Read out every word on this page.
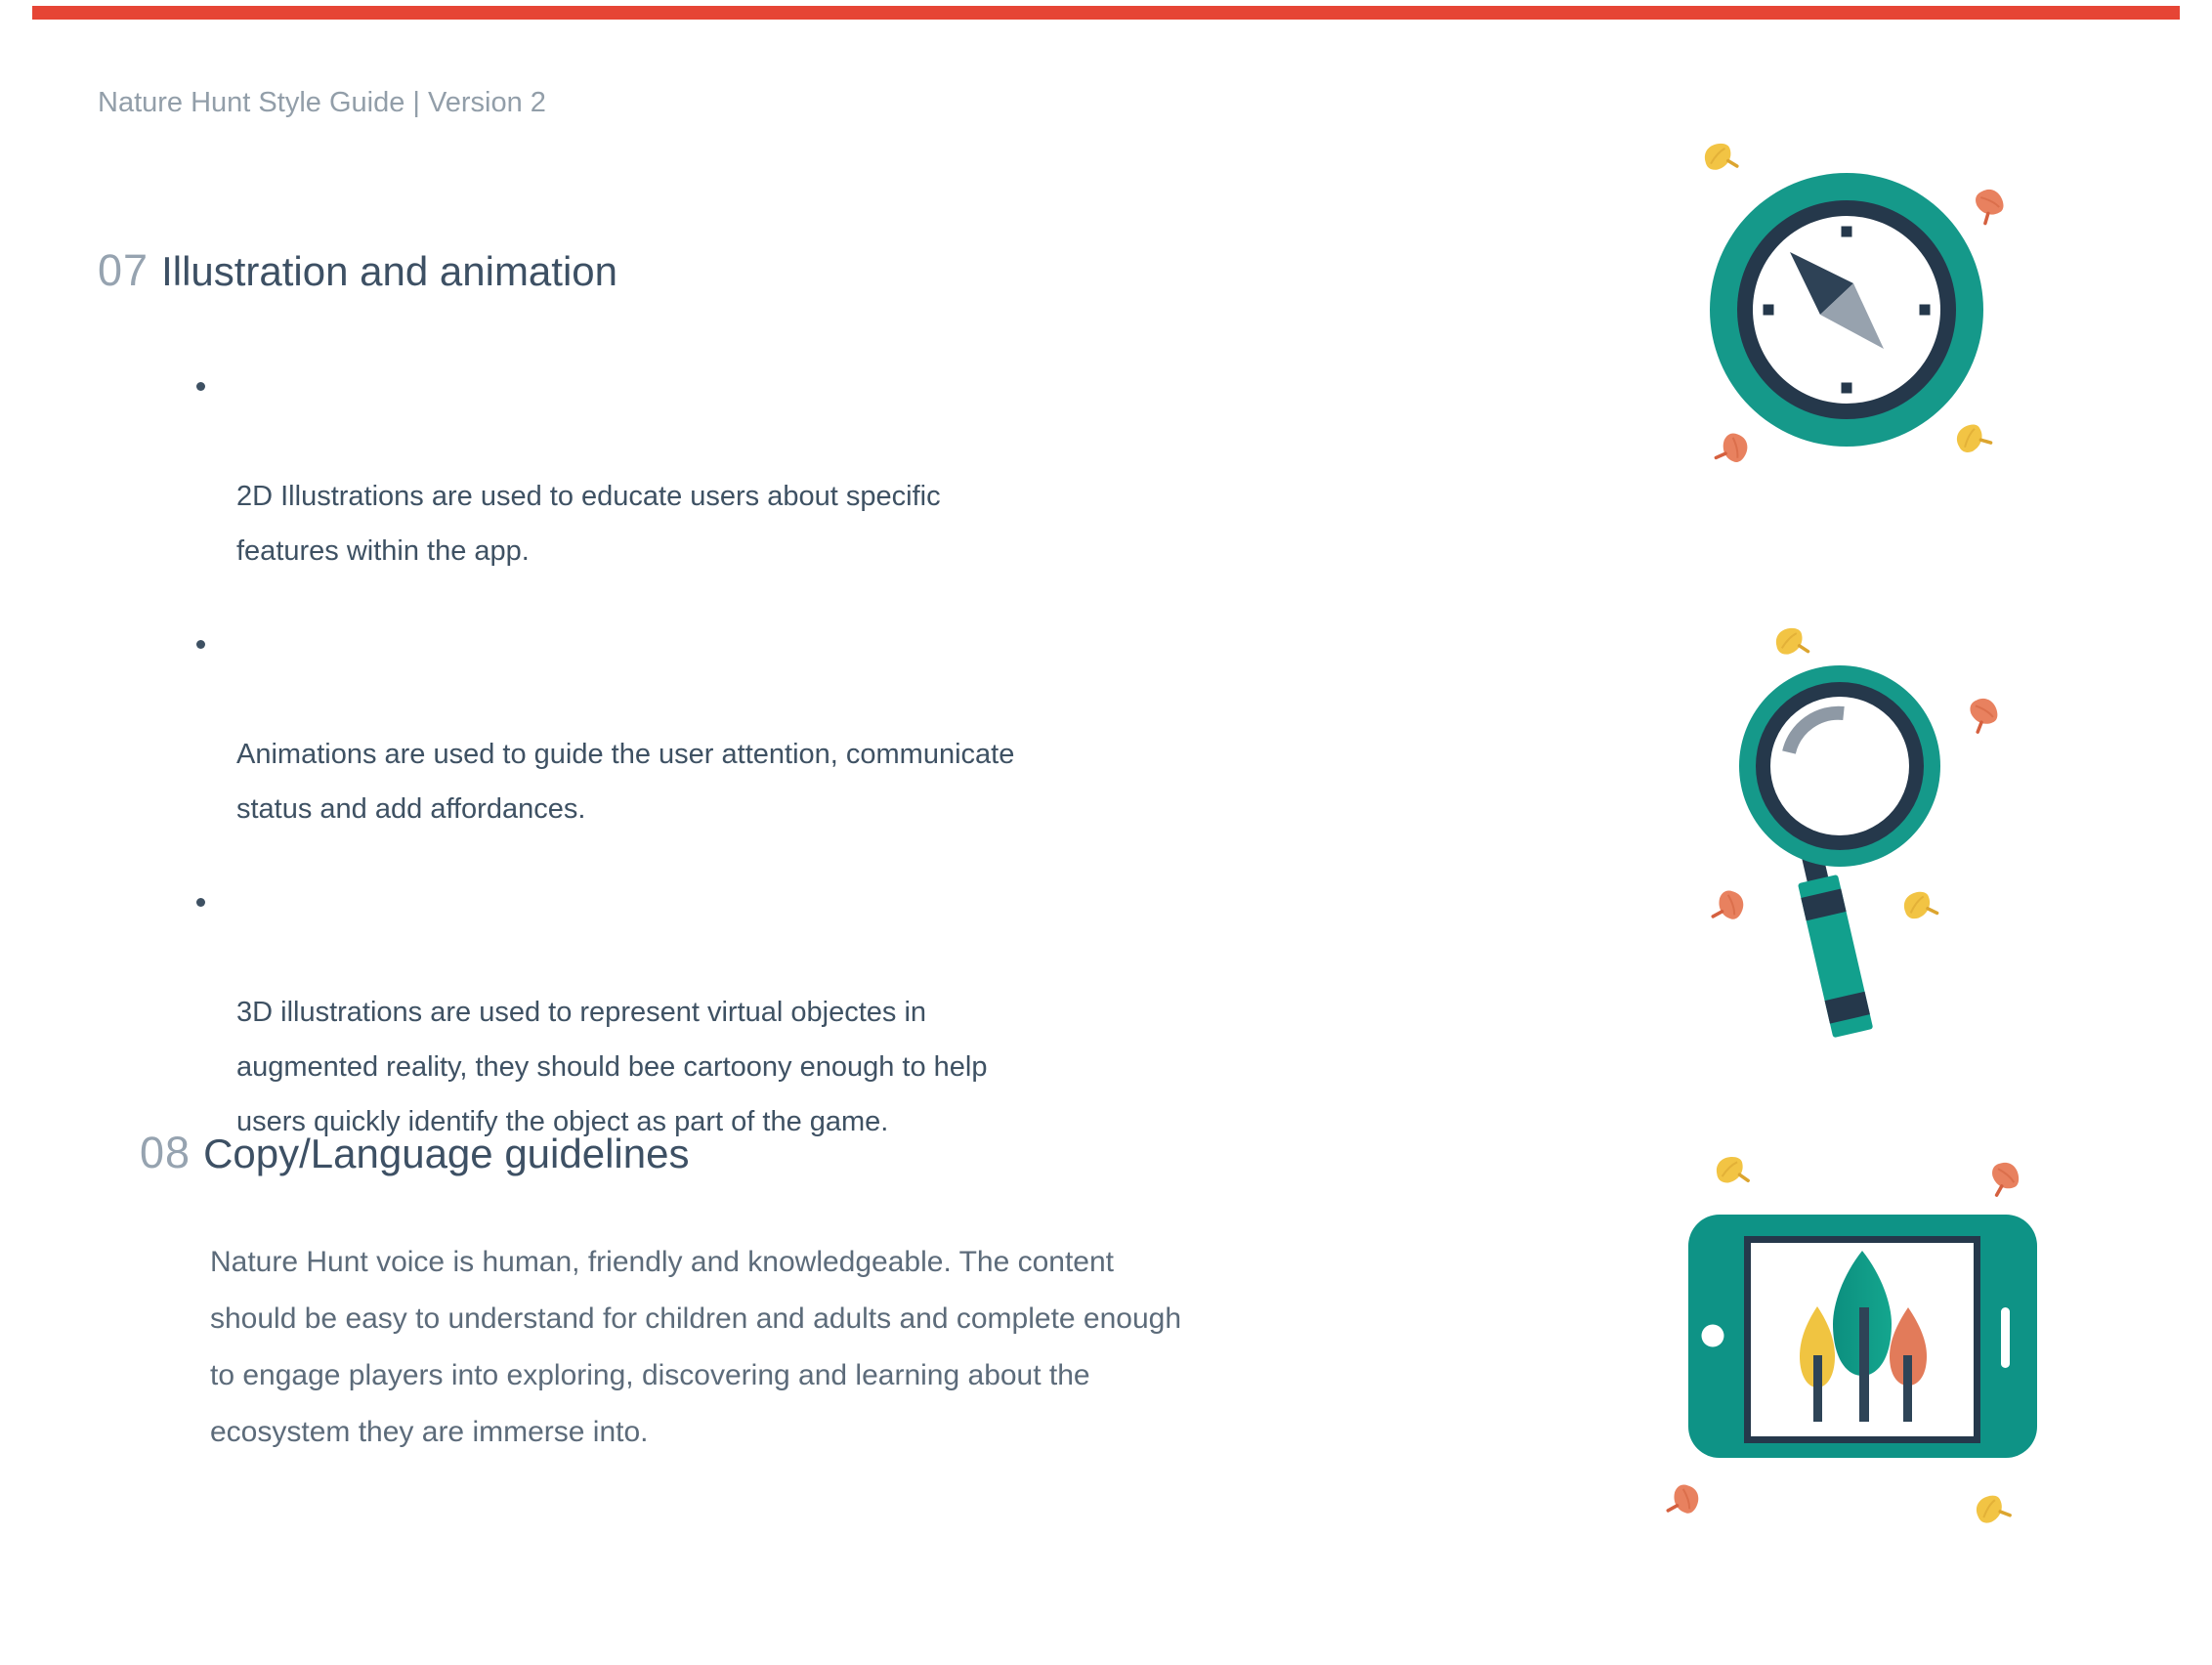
Nature Hunt Style Guide | Version 2
07 Illustration and animation

2D Illustrations are used to educate users about specific
features within the app.

Animations are used to guide the user attention, communicate
status and add affordances.

3D illustrations are used to represent virtual objectes in
augmented reality, they should bee cartoony enough to help
users quickly identify the object as part of the game.

08 Copy/Language guidelines
Nature Hunt voice is human, friendly and knowledgeable. The content
should be easy to understand for children and adults and complete enough
to engage players into exploring, discovering and learning about the
ecosystem they are immerse into.
